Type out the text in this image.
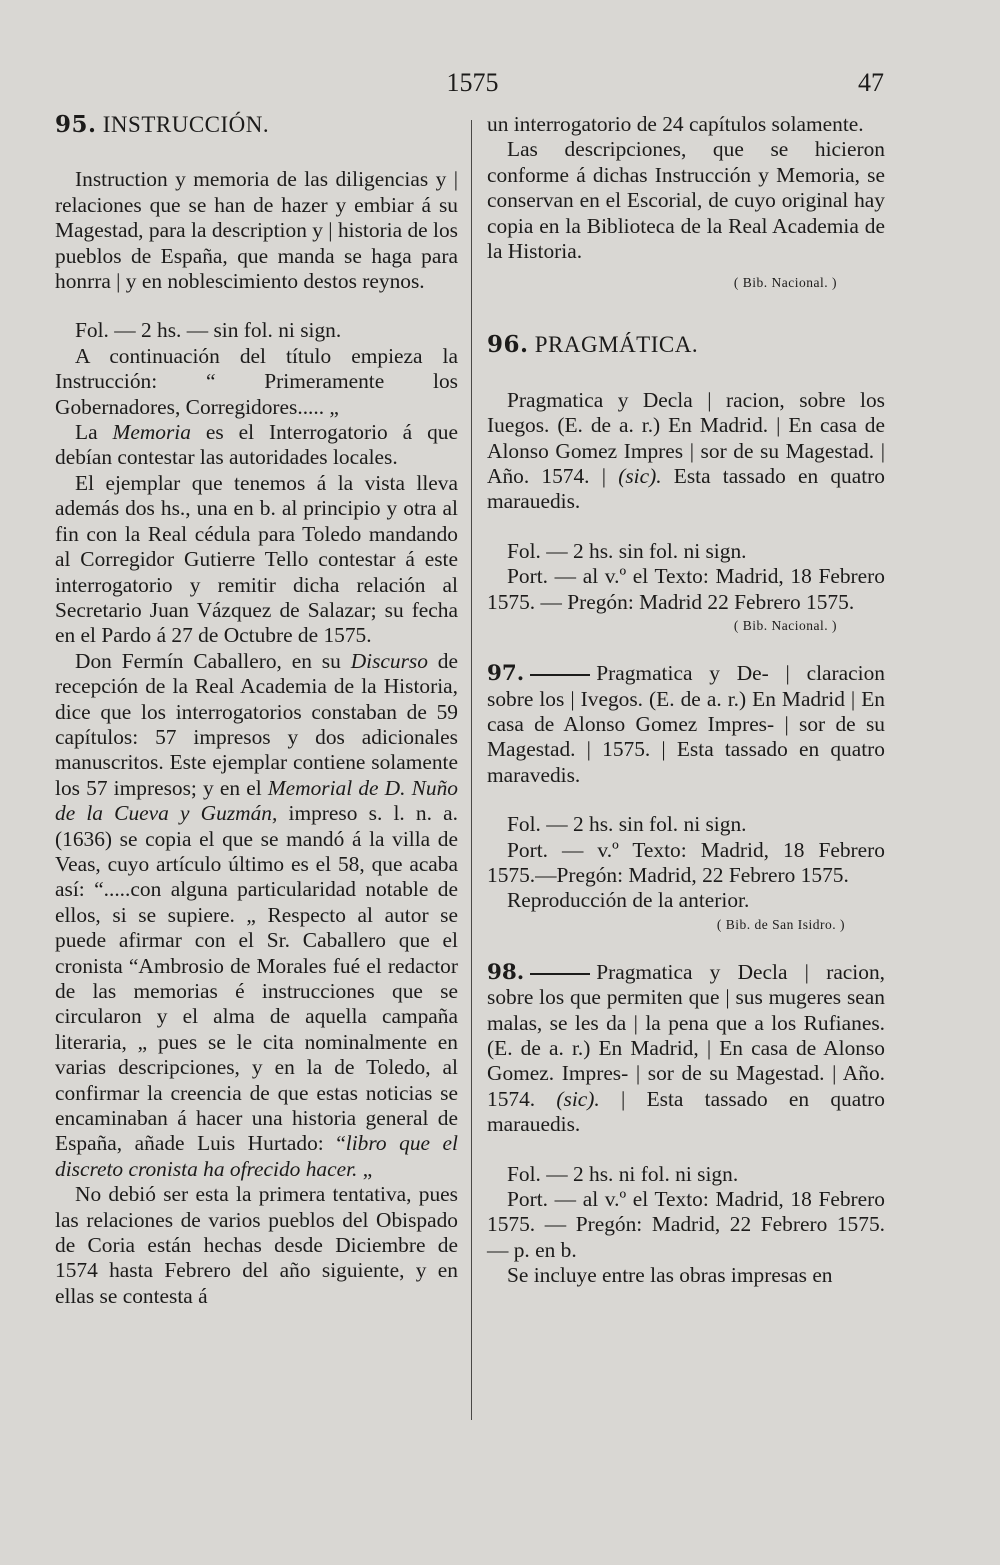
1575	47
95. INSTRUCCIÓN.

Instruction y memoria de las diligencias y | relaciones que se han de hazer y embiar á su Magestad, para la description y | historia de los pueblos de España, que manda se haga para honrra | y en noblescimiento destos reynos.

Fol. — 2 hs. — sin fol. ni sign.

A continuación del título empieza la Instrucción: “ Primeramente los Gobernadores, Corregidores..... „

La Memoria es el Interrogatorio á que debían contestar las autoridades locales.

El ejemplar que tenemos á la vista lleva además dos hs., una en b. al principio y otra al fin con la Real cédula para Toledo mandando al Corregidor Gutierre Tello contestar á este interrogatorio y remitir dicha relación al Secretario Juan Vázquez de Salazar; su fecha en el Pardo á 27 de Octubre de 1575.

Don Fermín Caballero, en su Discurso de recepción de la Real Academia de la Historia, dice que los interrogatorios constaban de 59 capítulos: 57 impresos y dos adicionales manuscritos. Este ejemplar contiene solamente los 57 impresos; y en el Memorial de D. Nuño de la Cueva y Guzmán, impreso s. l. n. a. (1636) se copia el que se mandó á la villa de Veas, cuyo artículo último es el 58, que acaba así: “.....con alguna particularidad notable de ellos, si se supiere. „ Respecto al autor se puede afirmar con el Sr. Caballero que el cronista “Ambrosio de Morales fué el redactor de las memorias é instrucciones que se circularon y el alma de aquella campaña literaria, „ pues se le cita nominalmente en varias descripciones, y en la de Toledo, al confirmar la creencia de que estas noticias se encaminaban á hacer una historia general de España, añade Luis Hurtado: “libro que el discreto cronista ha ofrecido hacer. „

No debió ser esta la primera tentativa, pues las relaciones de varios pueblos del Obispado de Coria están hechas desde Diciembre de 1574 hasta Febrero del año siguiente, y en ellas se contesta á

un interrogatorio de 24 capítulos solamente.

Las descripciones, que se hicieron conforme á dichas Instrucción y Memoria, se conservan en el Escorial, de cuyo original hay copia en la Biblioteca de la Real Academia de la Historia.

( Bib. Nacional. )
96. PRAGMÁTICA.

Pragmatica y Decla | racion, sobre los Iuegos. (E. de a. r.) En Madrid. | En casa de Alonso Gomez Impres | sor de su Magestad. | Año. 1574. | (sic). Esta tassado en quatro marauedis.

Fol. — 2 hs. sin fol. ni sign.

Port. — al v.º el Texto: Madrid, 18 Febrero 1575. — Pregón: Madrid 22 Febrero 1575.

( Bib. Nacional. )

97.	Pragmatica y De- | claracion sobre los | Ivegos. (E. de a. r.) En Madrid | En casa de Alonso Gomez Impres- | sor de su Magestad. | 1575. | Esta tassado en quatro maravedis.

Fol. — 2 hs. sin fol. ni sign.

Port. — v.º Texto: Madrid, 18 Febrero 1575.—Pregón: Madrid, 22 Febrero 1575.

Reproducción de la anterior.

( Bib. de San Isidro. )

98.	Pragmatica y Decla | racion, sobre los que permiten que | sus mugeres sean malas, se les da | la pena que a los Rufianes. (E. de a. r.) En Madrid, | En casa de Alonso Gomez. Impres- | sor de su Magestad. | Año. 1574. (sic). | Esta tassado en quatro marauedis.

Fol. — 2 hs. ni fol. ni sign.

Port. — al v.º el Texto: Madrid, 18 Febrero 1575. — Pregón: Madrid, 22 Febrero 1575. — p. en b.

Se incluye entre las obras impresas en
